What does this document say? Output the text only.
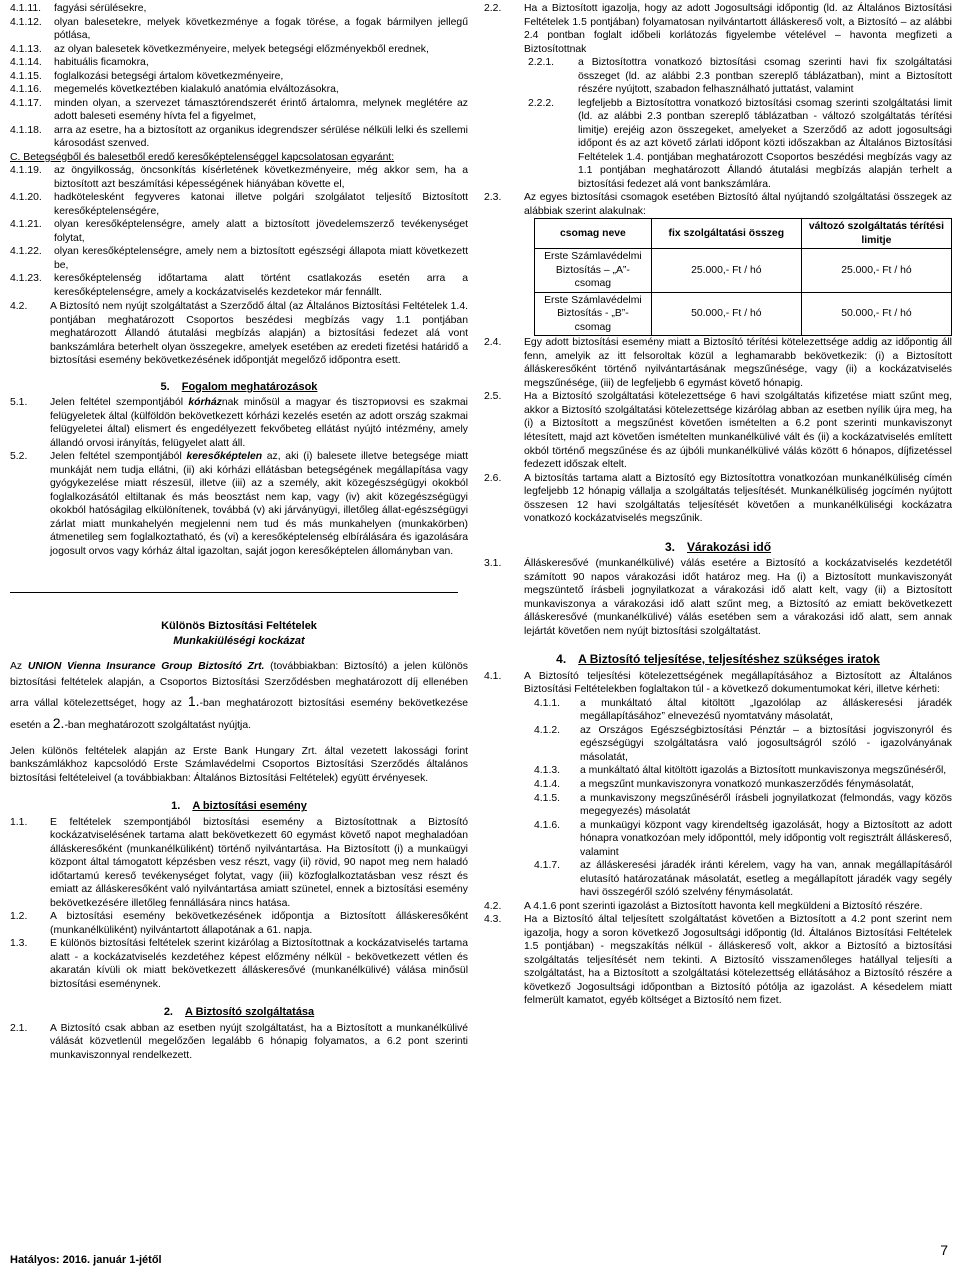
4.1.11.	fagyási sérülésekre,
4.1.12.	olyan balesetekre, melyek következménye a fogak törése, a fogak bármilyen jellegű pótlása,
4.1.13.	az olyan balesetek következményeire, melyek betegségi előzményekből erednek,
4.1.14.	habituális ficamokra,
4.1.15.	foglalkozási betegségi ártalom következményeire,
4.1.16.	megemelés következtében kialakuló anatómia elváltozásokra,
4.1.17.	minden olyan, a szervezet támasztórendszerét érintő ártalomra, melynek meglétére az adott baleseti esemény hívta fel a figyelmet,
4.1.18.	arra az esetre, ha a biztosított az organikus idegrendszer sérülése nélküli lelki és szellemi károsodást szenved.
C. Betegségből és balesetből eredő keresőképtelenséggel kapcsolatosan egyaránt:
4.1.19.	az öngyilkosság, öncsonkítás kísérletének következményeire, még akkor sem, ha a biztosított azt beszámítási képességének hiányában követte el,
4.1.20.	hadkötelesként fegyveres katonai illetve polgári szolgálatot teljesítő Biztosított keresőképtelenségére,
4.1.21.	olyan keresőképtelenségre, amely alatt a biztosított jövedelemszerző tevékenységet folytat,
4.1.22.	olyan keresőképtelenségre, amely nem a biztosított egészségi állapota miatt következett be,
4.1.23.	keresőképtelenség időtartama alatt történt csatlakozás esetén arra a keresőképtelenségre, amely a kockázatviselés kezdetekor már fennállt.
4.2.	A Biztosító nem nyújt szolgáltatást a Szerződő által (az Általános Biztosítási Feltételek 1.4. pontjában meghatározott Csoportos beszédesi megbízás vagy 1.1 pontjában meghatározott Állandó átutalási megbízás alapján) a biztosítási fedezet alá vont bankszámlára beterhelt olyan összegekre, amelyek esetében az eredeti fizetési határidő a biztosítási esemény bekövetkezésének időpontját megelőző időpontra esett.
5. Fogalom meghatározások
5.1.	Jelen feltétel szempontjából kórháznak minősül a magyar és tiszториovsi es szakmai felügyeletek által (külföldön bekövetkezett kórházi kezelés esetén az adott ország szakmai felügyeletei által) elismert és engedélyezett fekvőbeteg ellátást nyújtó intézmény, amely állandó orvosi irányítás, felügyelet alatt áll.
5.2.	Jelen feltétel szempontjából keresőképtelen az, aki (i) balesete illetve betegsége miatt munkáját nem tudja ellátni, (ii) aki kórházi ellátásban betegségének megállapítása vagy gyógykezelése miatt részesül, illetve (iii) az a személy, akit közegészségügyi okokból foglalkozásától eltiltanak és más beosztást nem kap, vagy (iv) akit közegészségügyi okokból hatóságilag elkülönítenek, továbbá (v) aki járványügyi, illetőleg állat-egészségügyi zárlat miatt munkahelyén megjelenni nem tud és más munkahelyen (munkakörben) átmenetileg sem foglalkoztatható, és (vi) a keresőképtelenség elbírálására és igazolására jogosult orvos vagy kórház által igazoltan, saját jogon keresőképtelen állományban van.
Különös Biztosítási Feltételek
Munkakiüléségi kockázat
Az UNION Vienna Insurance Group Biztosító Zrt. (továbbiakban: Biztosító) a jelen különös biztosítási feltételek alapján, a Csoportos Biztosítási Szerződésben meghatározott díj ellenében arra vállal kötelezettséget, hogy az 1.-ban meghatározott biztosítási esemény bekövetkezése esetén a 2.-ban meghatározott szolgáltatást nyújtja.
Jelen különös feltételek alapján az Erste Bank Hungary Zrt. által vezetett lakossági forint bankszámlákhoz kapcsolódó Erste Számlavédelmi Csoportos Biztosítási Szerződés általános biztosítási feltételeivel (a továbbiakban: Általános Biztosítási Feltételek) együtt érvényesek.
1. A biztosítási esemény
1.1.	E feltételek szempontjából biztosítási esemény a Biztosítottnak a Biztosító kockázatviselésének tartama alatt bekövetkezett 60 egymást követő napot meghaladóan álláskeresőként (munkanélküliként) történő nyilvántartása. Ha Biztosított (i) a munkaügyi központ által támogatott képzésben vesz részt, vagy (ii) rövid, 90 napot meg nem haladó időtartamú kereső tevékenységet folytat, vagy (iii) közfoglalkoztatásban vesz részt és emiatt az álláskeresőként való nyilvántartása amiatt szünetel, ennek a biztosítási esemény bekövetkezésére illetőleg fennállására nincs hatása.
1.2.	A biztosítási esemény bekövetkezésének időpontja a Biztosított álláskeresőként (munkanélküliként) nyilvántartott állapotának a 61. napja.
1.3.	E különös biztosítási feltételek szerint kizárólag a Biztosítottnak a kockázatviselés tartama alatt - a kockázatviselés kezdetéhez képest előzmény nélkül - bekövetkezett vétlen és akaratán kívüli ok miatt bekövetkezett álláskeresővé (munkanélkülivé) válása minősül biztosítási eseménynek.
2. A Biztosító szolgáltatása
2.1.	A Biztosító csak abban az esetben nyújt szolgáltatást, ha a Biztosított a munkanélkülivé válását közvetlenül megelőzően legalább 6 hónapig folyamatos, a 6.2 pont szerinti munkaviszonnyal rendelkezett.
2.2.	Ha a Biztosított igazolja, hogy az adott Jogosultsági időpontig (ld. az Általános Biztosítási Feltételek 1.5 pontjában) folyamatosan nyilvántartott álláskereső volt, a Biztosító – az alábbi 2.4 pontban foglalt időbeli korlátozás figyelembe vételével – havonta megfizeti a Biztosítottnak
2.2.1.	a Biztosítottra vonatkozó biztosítási csomag szerinti havi fix szolgáltatási összeget (ld. az alábbi 2.3 pontban szereplő táblázatban), mint a Biztosított részére nyújtott, szabadon felhasználható juttatást, valamint
2.2.2.	legfeljebb a Biztosítottra vonatkozó biztosítási csomag szerinti szolgáltatási limit (ld. az alábbi 2.3 pontban szereplő táblázatban - változó szolgáltatás térítési limitje) erejéig azon összegeket, amelyeket a Szerződő az adott jogosultsági időpont és az azt követő zárlati időpont közti időszakban az Általános Biztosítási Feltételek 1.4. pontjában meghatározott Csoportos beszédési megbízás vagy az 1.1 pontjában meghatározott Állandó átutalási megbízás alapján terhelt a biztosítási fedezet alá vont bankszámlára.
2.3.	Az egyes biztosítási csomagok esetében Biztosító által nyújtandó szolgáltatási összegek az alábbiak szerint alakulnak:
csomag neve	fix szolgáltatási összeg	változó szolgáltatás térítési limitje
Erste Számlavédelmi Biztosítás – „A”- csomag	25.000,- Ft / hó	25.000,- Ft / hó
Erste Számlavédelmi Biztosítás - „B”- csomag	50.000,- Ft / hó	50.000,- Ft / hó
2.4.	Egy adott biztosítási esemény miatt a Biztosító térítési kötelezettsége addig az időpontig áll fenn, amelyik az itt felsoroltak közül a leghamarabb bekövetkezik: (i) a Biztosított álláskeresőként történő nyilvántartásának megszűnésége, vagy (ii) a kockázatviselés megszűnésége, (iii) de legfeljebb 6 egymást követő hónapig.
2.5.	Ha a Biztosító szolgáltatási kötelezettsége 6 havi szolgáltatás kifizetése miatt szűnt meg, akkor a Biztosító szolgáltatási kötelezettsége kizárólag abban az esetben nyílik újra meg, ha (i) a Biztosított a megszűnést követően ismételten a 6.2 pont szerinti munkaviszonyt létesített, majd azt követően ismételten munkanélkülivé vált és (ii) a kockázatviselés említett okból történő megszűnése és az újbóli munkanélkülivé válás között 6 hónapos, díjfizetéssel fedezett időszak eltelt.
2.6.	A biztosítás tartama alatt a Biztosító egy Biztosítottra vonatkozóan munkanélküliség címén legfeljebb 12 hónapig vállalja a szolgáltatás teljesítését. Munkanélküliség jogcímén nyújtott összesen 12 havi szolgáltatás teljesítését követően a munkanélküliségi kockázatra vonatkozó kockázatviselés megszűnik.
3. Várakozási idő
3.1.	Álláskeresővé (munkanélkülivé) válás esetére a Biztosító a kockázatviselés kezdetétől számított 90 napos várakozási időt határoz meg. Ha (i) a Biztosított munkaviszonyát megszüntető írásbeli jognyilatkozat a várakozási idő alatt kelt, vagy (ii) a Biztosított munkaviszonya a várakozási idő alatt szűnt meg, a Biztosító az emiatt bekövetkezett álláskeresővé (munkanélkülivé) válás esetében sem a várakozási idő alatt, sem annak lejártát követően nem nyújt biztosítási szolgáltatást.
4. A Biztosító teljesítése, teljesítéshez szükséges iratok
4.1.	A Biztosító teljesítési kötelezettségének megállapításához a Biztosított az Általános Biztosítási Feltételekben foglaltakon túl - a következő dokumentumokat kéri, illetve kérheti:
4.1.1.	a munkáltató által kitöltött „Igazolólap az álláskeresési járadék megállapításához” elnevezésű nyomtatvány másolatát,
4.1.2.	az Országos Egészségbiztosítási Pénztár – a biztosítási jogviszonyról és egészségügyi szolgáltatásra való jogosultságról szóló - igazolványának másolatát,
4.1.3.	a munkáltató által kitöltött igazolás a Biztosított munkaviszonya megszűnéséről,
4.1.4.	a megszűnt munkaviszonyra vonatkozó munkaszerződés fénymásolatát,
4.1.5.	a munkaviszony megszűnéséről írásbeli jognyilatkozat (felmondás, vagy közös megegyezés) másolatát
4.1.6.	a munkaügyi központ vagy kirendeltség igazolását, hogy a Biztosított az adott hónapra vonatkozóan mely időponttól, mely időpontig volt regisztrált álláskereső, valamint
4.1.7.	az álláskeresési járadék iránti kérelem, vagy ha van, annak megállapításáról elutasító határozatának másolatát, esetleg a megállapított járadék vagy segély havi összegéről szóló szelvény fénymásolatát.
4.2.	A 4.1.6 pont szerinti igazolást a Biztosított havonta kell megküldeni a Biztosító részére.
4.3.	Ha a Biztosító által teljesített szolgáltatást követően a Biztosított a 4.2 pont szerint nem igazolja, hogy a soron következő Jogosultsági időpontig (ld. Általános Biztosítási Feltételek 1.5 pontjában) - megszakítás nélkül - álláskereső volt, akkor a Biztosító a biztosítási szolgáltatás teljesítését nem tekinti. A Biztosító visszamenőleges hatállyal teljesíti a szolgáltatást, ha a Biztosított a szolgáltatási kötelezettség ellátásához a Biztosító részére a következő Jogosultsági időpontban a Biztosító pótólja az igazolást. A késedelem miatt felmerült kamatot, egyéb költséget a Biztosító nem fizet.
Hatályos: 2016. január 1-jétől
7
